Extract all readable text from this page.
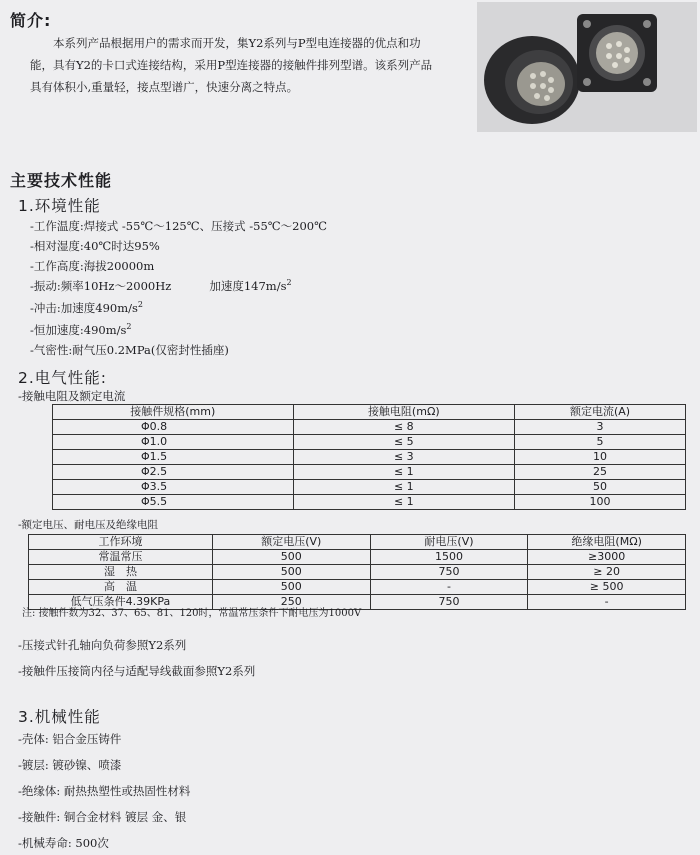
简介:

本系列产品根据用户的需求而开发，集Y2系列与P型电连接器的优点和功能，具有Y2的卡口式连接结构，采用P型连接器的接触件排列型谱。该系列产品具有体积小,重量轻，接点型谱广，快速分离之特点。

主要技术性能
1.环境性能
-工作温度:焊接式 -55℃～125℃、压接式 -55℃～200℃
-相对湿度:40℃时达95%
-工作高度:海拔20000m
-振动:频率10Hz～2000Hz	加速度$147m/s^2$
-冲击:加速度$490m/s^2$
-恒加速度$:490m/s^2$
-气密性:耐气压0.2MPa(仅密封性插座)
2.电气性能:
-接触电阻及额定电流
接触件规格(mm)	接触电阻(mΩ)	额定电流(A)
Φ0.8	≤ 8	3
Φ1.0	≤ 5	5
Φ1.5	≤ 3	10
Φ2.5	≤ 1	25
Φ3.5	≤ 1	50
Φ5.5	≤ 1	100
-额定电压、耐电压及绝缘电阻
工作环境	额定电压(V)	耐电压(V)	绝缘电阻(MΩ)
常温常压	500	1500	≥3000
湿　热	500	750	≥ 20
高　温	500	-	≥ 500
低气压条件4.39KPa	250	750	-
注: 接触件数为32、37、65、81、120时，常温常压条件下耐电压为1000V
-压接式针孔轴向负荷参照Y2系列
-接触件压接筒内径与适配导线截面参照Y2系列
3.机械性能
-壳体: 铝合金压铸件
-镀层: 镀砂镍、喷漆
-绝缘体: 耐热热塑性或热固性材料
-接触件: 铜合金材料 镀层 金、银
-机械寿命: 500次
